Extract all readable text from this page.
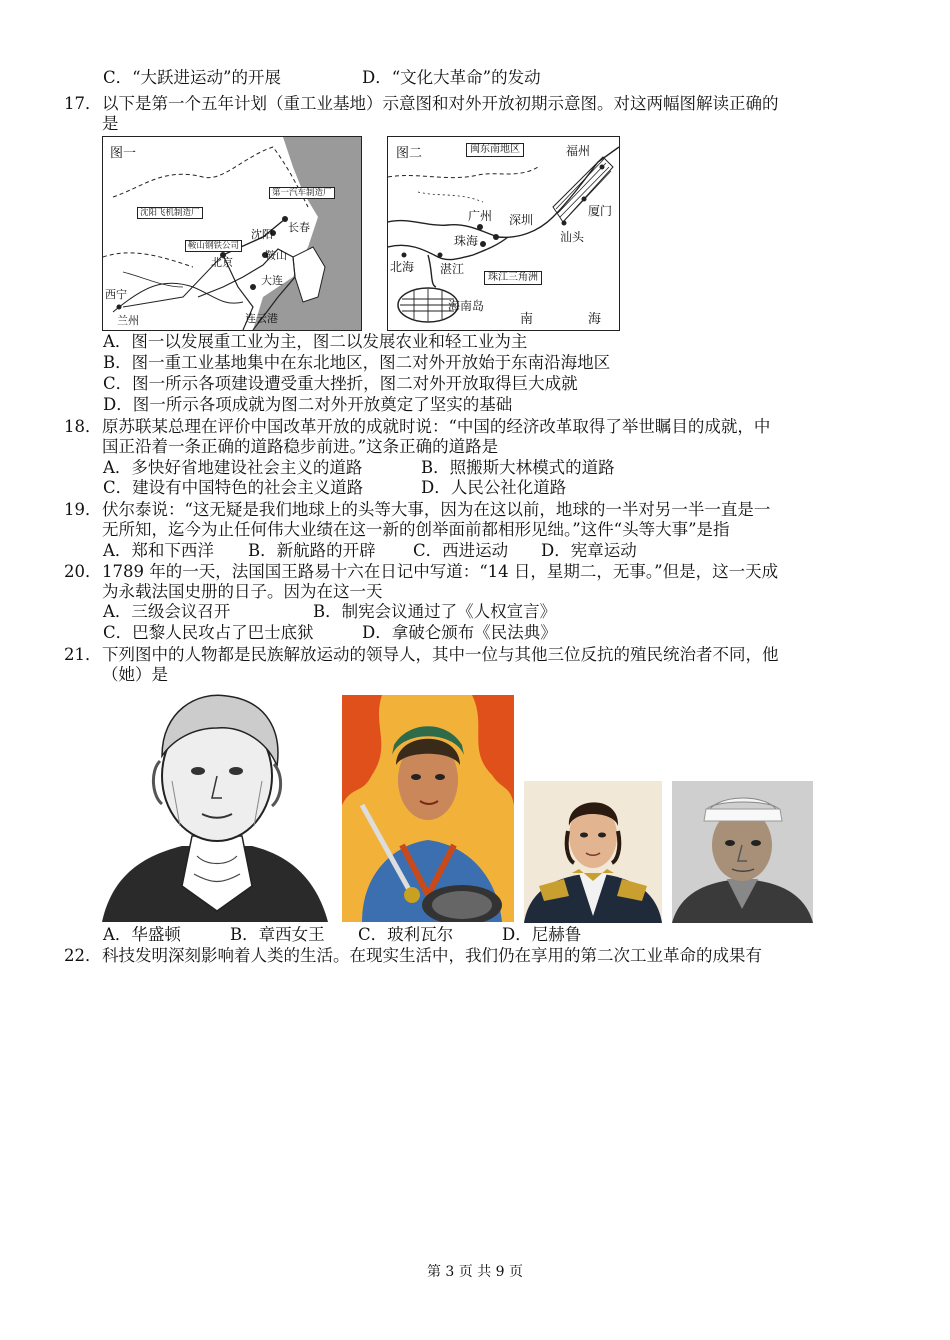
C．“大跃进运动”的开展	D．“文化大革命”的发动
17．以下是第一个五年计划（重工业基地）示意图和对外开放初期示意图。对这两幅图解读正确的
是
图一
第一汽车制造厂
沈阳飞机制造厂
鞍山钢铁公司
长春
沈阳
北京
鞍山
大连
西宁
兰州	连云港
图二	闽东南地区	福州
广州 深圳
厦门
汕头
珠海
北海 湛江
珠江三角洲
海南岛
南	海
A．图一以发展重工业为主，图二以发展农业和轻工业为主
B．图一重工业基地集中在东北地区，图二对外开放始于东南沿海地区
C．图一所示各项建设遭受重大挫折，图二对外开放取得巨大成就
D．图一所示各项成就为图二对外开放奠定了坚实的基础
18．原苏联某总理在评价中国改革开放的成就时说：“中国的经济改革取得了举世瞩目的成就，中
国正沿着一条正确的道路稳步前进。”这条正确的道路是
A．多快好省地建设社会主义的道路	B．照搬斯大林模式的道路
C．建设有中国特色的社会主义道路	D．人民公社化道路
19．伏尔泰说：“这无疑是我们地球上的头等大事，因为在这以前，地球的一半对另一半一直是一
无所知，迄今为止任何伟大业绩在这一新的创举面前都相形见绌。”这件“头等大事”是指
A．郑和下西洋 B．新航路的开辟 C．西进运动 D．宪章运动
20．1789 年的一天，法国国王路易十六在日记中写道：“14 日，星期二，无事。”但是，这一天成
为永载法国史册的日子。因为在这一天
A．三级会议召开	B．制宪会议通过了《人权宣言》
C．巴黎人民攻占了巴士底狱	D．拿破仑颁布《民法典》
21．下列图中的人物都是民族解放运动的领导人，其中一位与其他三位反抗的殖民统治者不同，他
（她）是
A．华盛顿	B．章西女王 C．玻利瓦尔	D．尼赫鲁
22．科技发明深刻影响着人类的生活。在现实生活中，我们仍在享用的第二次工业革命的成果有
第 3 页 共 9 页
